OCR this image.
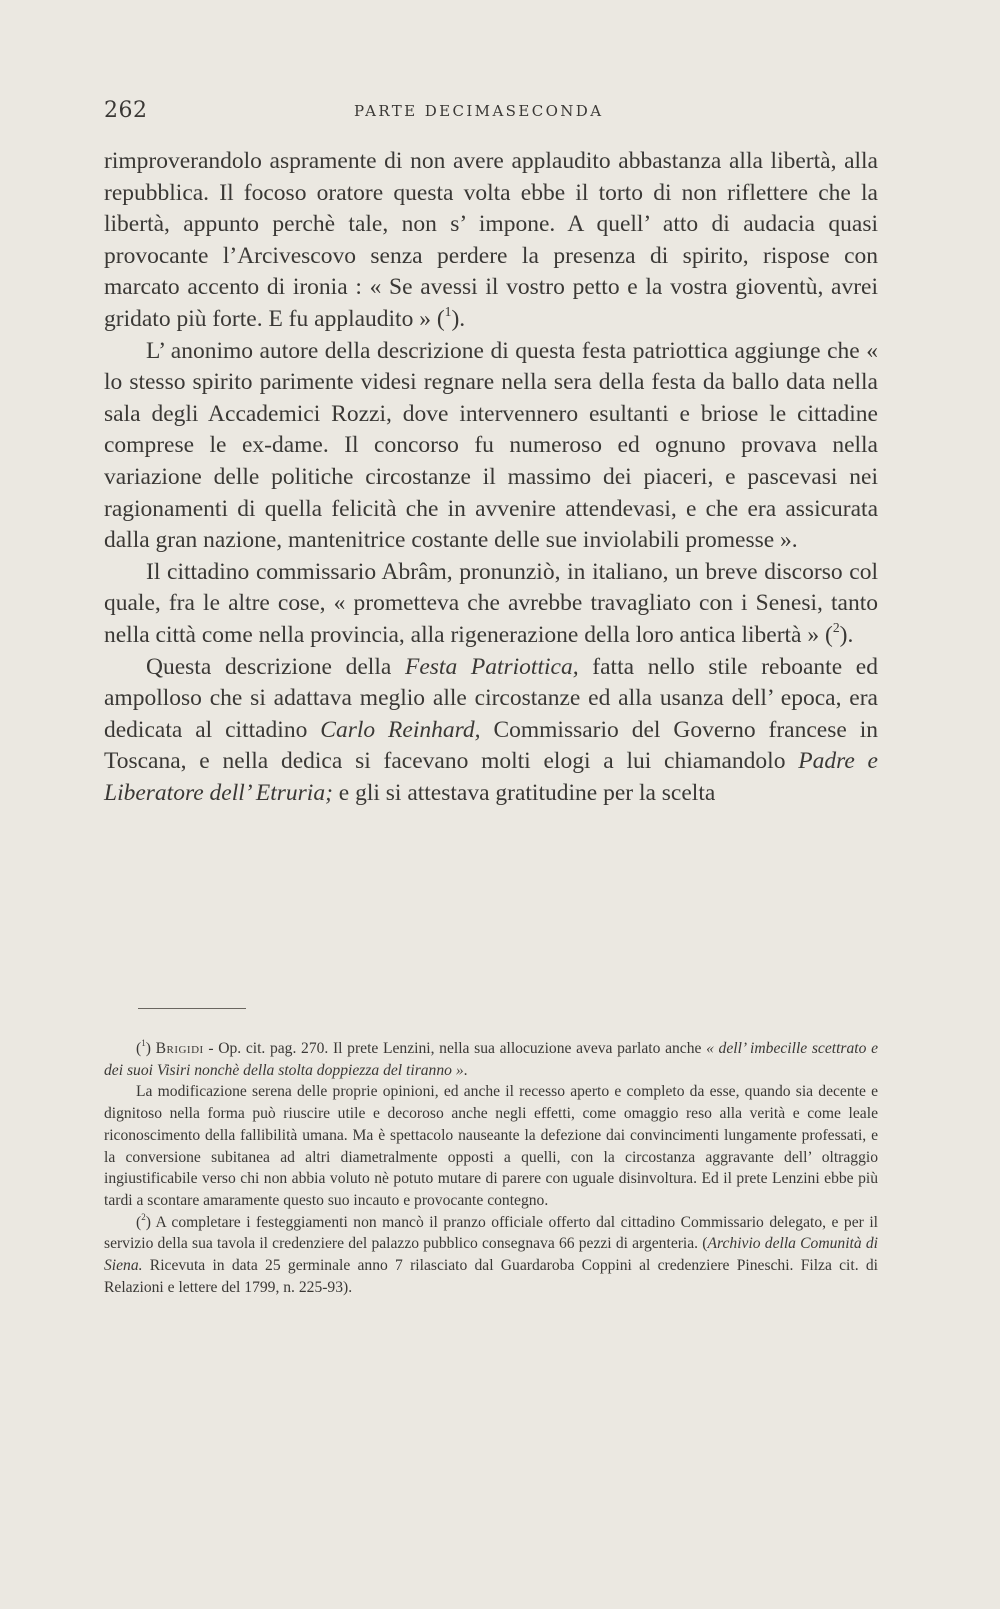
262	PARTE DECIMASECONDA

rimproverandolo aspramente di non avere applaudito abbastanza alla libertà, alla repubblica. Il focoso oratore questa volta ebbe il torto di non riflettere che la libertà, appunto perchè tale, non s’ impone. A quell’ atto di audacia quasi provocante l’Arcivescovo senza perdere la presenza di spirito, rispose con marcato accento di ironia : « Se avessi il vostro petto e la vostra gioventù, avrei gridato più forte. E fu applaudito » ($^1$).

L’ anonimo autore della descrizione di questa festa patriottica aggiunge che « lo stesso spirito parimente videsi regnare nella sera della festa da ballo data nella sala degli Accademici Rozzi, dove intervennero esultanti e briose le cittadine comprese le ex-dame. Il concorso fu numeroso ed ognuno provava nella variazione delle politiche circostanze il massimo dei piaceri, e pascevasi nei ragionamenti di quella felicità che in avvenire attendevasi, e che era assicurata dalla gran nazione, mantenitrice costante delle sue inviolabili promesse ».

Il cittadino commissario Abrâm, pronunziò, in italiano, un breve discorso col quale, fra le altre cose, « prometteva che avrebbe travagliato con i Senesi, tanto nella città come nella provincia, alla rigenerazione della loro antica libertà » ($^2$).

Questa descrizione della Festa Patriottica, fatta nello stile reboante ed ampolloso che si adattava meglio alle circostanze ed alla usanza dell’ epoca, era dedicata al cittadino Carlo Reinhard, Commissario del Governo francese in Toscana, e nella dedica si facevano molti elogi a lui chiamandolo Padre e Liberatore dell’ Etruria; e gli si attestava gratitudine per la scelta

($^1$) Brigidi - Op. cit. pag. 270. Il prete Lenzini, nella sua allocuzione aveva parlato anche « dell’ imbecille scettrato e dei suoi Visiri nonchè della stolta doppiezza del tiranno ».

La modificazione serena delle proprie opinioni, ed anche il recesso aperto e completo da esse, quando sia decente e dignitoso nella forma può riuscire utile e decoroso anche negli effetti, come omaggio reso alla verità e come leale riconoscimento della fallibilità umana. Ma è spettacolo nauseante la defezione dai convincimenti lungamente professati, e la conversione subitanea ad altri diametralmente opposti a quelli, con la circostanza aggravante dell’ oltraggio ingiustificabile verso chi non abbia voluto nè potuto mutare di parere con uguale disinvoltura. Ed il prete Lenzini ebbe più tardi a scontare amaramente questo suo incauto e provocante contegno.

($^2$) A completare i festeggiamenti non mancò il pranzo officiale offerto dal cittadino Commissario delegato, e per il servizio della sua tavola il credenziere del palazzo pubblico consegnava 66 pezzi di argenteria. (Archivio della Comunità di Siena. Ricevuta in data 25 germinale anno 7 rilasciato dal Guardaroba Coppini al credenziere Pineschi. Filza cit. di Relazioni e lettere del 1799, n. 225-93).
